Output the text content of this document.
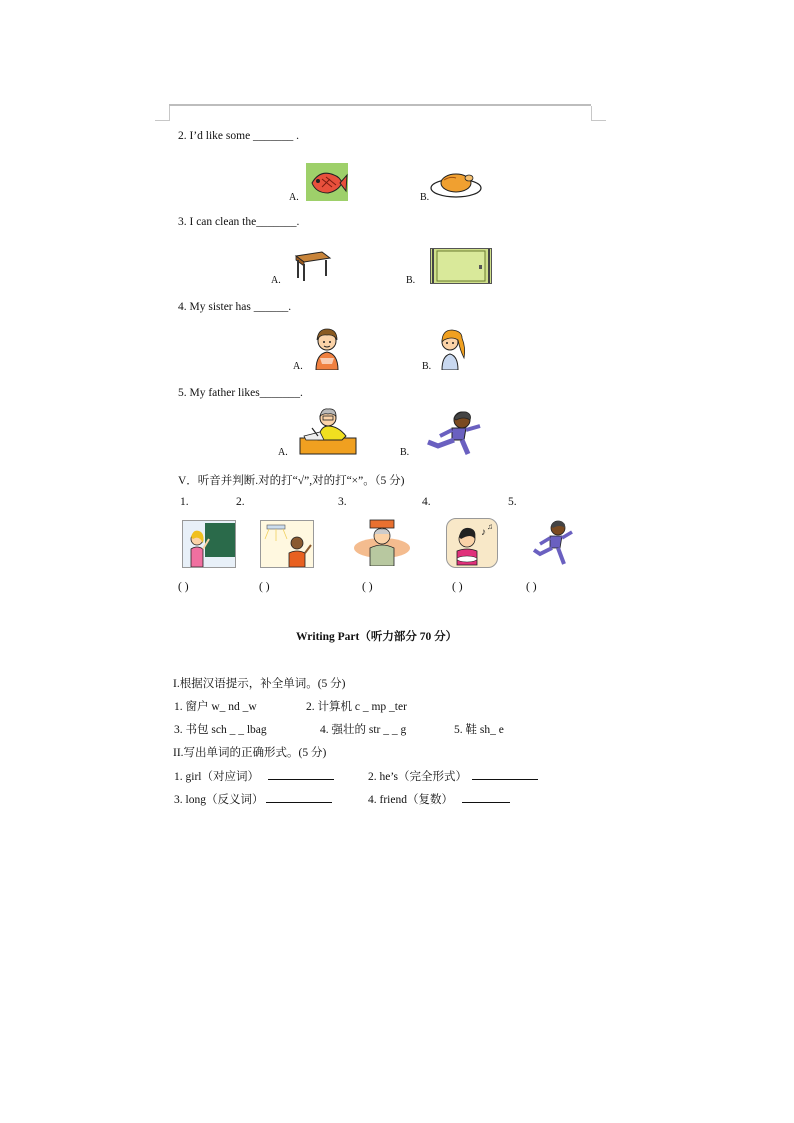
2. I’d like some _______ .
A.	B.
3. I can clean the_______.
A.	B.
4. My sister has ______.
A.	B.
5. My father likes_______.
A.	B.
V．听音并判断.对的打“√”,对的打“×”。（5 分)
1.	2.	3.	4.	5.
♪
♫
( )	( )	( )	( )	( )
Writing Part（听力部分 70 分）
I.根据汉语提示，补全单词。(5 分)
1. 窗户 w_ nd _w	2. 计算机 c _ mp _ter
3. 书包 sch _ _ lbag	4. 强壮的 str _ _ g	5. 鞋 sh_ e
II.写出单词的正确形式。(5 分)
1. girl（对应词）	2. he’s（完全形式）
3. long（反义词）	4. friend（复数）
